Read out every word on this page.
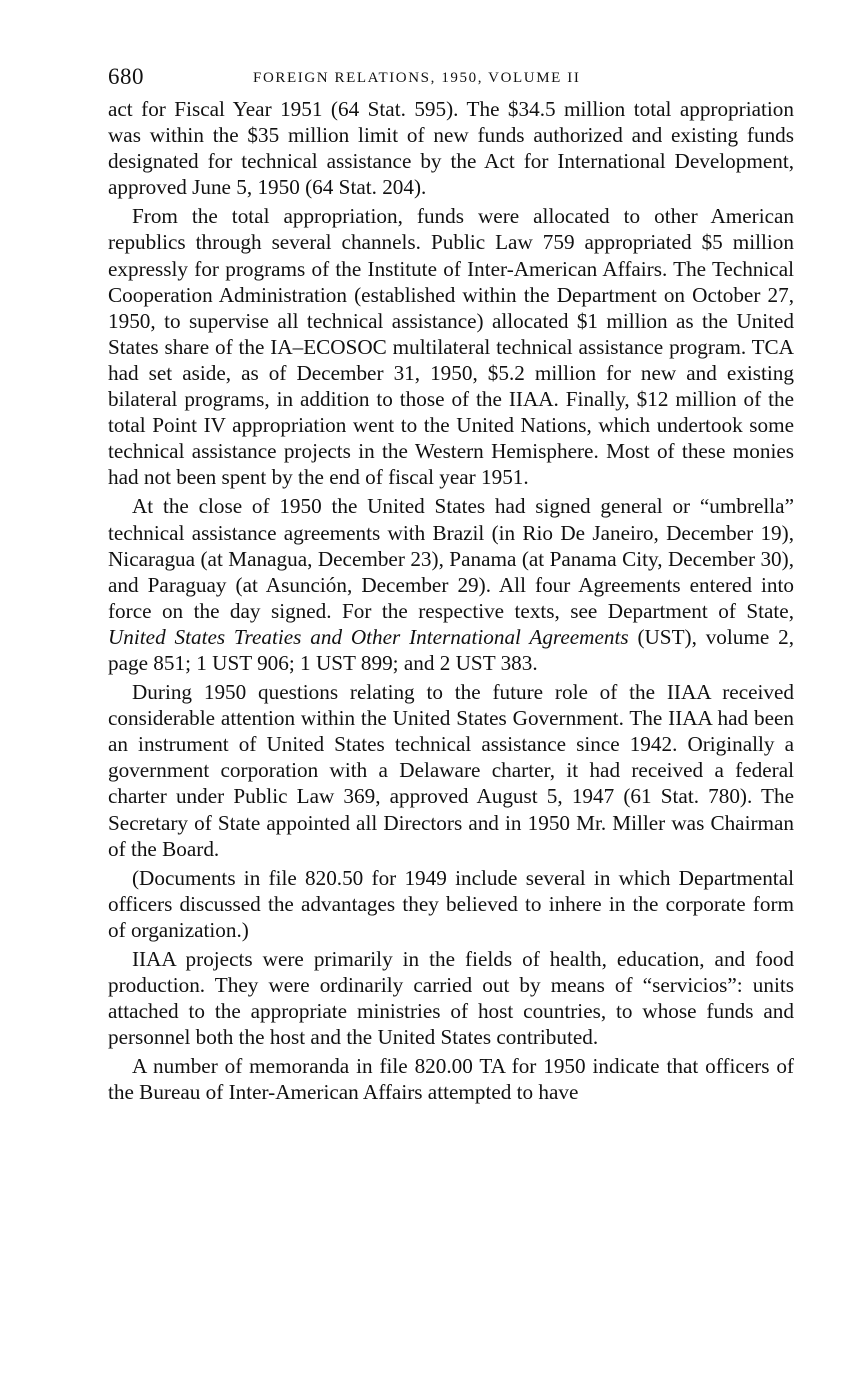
680	FOREIGN RELATIONS, 1950, VOLUME II

act for Fiscal Year 1951 (64 Stat. 595). The $34.5 million total appropriation was within the $35 million limit of new funds authorized and existing funds designated for technical assistance by the Act for International Development, approved June 5, 1950 (64 Stat. 204).

From the total appropriation, funds were allocated to other American republics through several channels. Public Law 759 appropriated $5 million expressly for programs of the Institute of Inter-American Affairs. The Technical Cooperation Administration (established within the Department on October 27, 1950, to supervise all technical assistance) allocated $1 million as the United States share of the IA–ECOSOC multilateral technical assistance program. TCA had set aside, as of December 31, 1950, $5.2 million for new and existing bilateral programs, in addition to those of the IIAA. Finally, $12 million of the total Point IV appropriation went to the United Nations, which undertook some technical assistance projects in the Western Hemisphere. Most of these monies had not been spent by the end of fiscal year 1951.

At the close of 1950 the United States had signed general or “umbrella” technical assistance agreements with Brazil (in Rio De Janeiro, December 19), Nicaragua (at Managua, December 23), Panama (at Panama City, December 30), and Paraguay (at Asunción, December 29). All four Agreements entered into force on the day signed. For the respective texts, see Department of State, United States Treaties and Other International Agreements (UST), volume 2, page 851; 1 UST 906; 1 UST 899; and 2 UST 383.

During 1950 questions relating to the future role of the IIAA received considerable attention within the United States Government. The IIAA had been an instrument of United States technical assistance since 1942. Originally a government corporation with a Delaware charter, it had received a federal charter under Public Law 369, approved August 5, 1947 (61 Stat. 780). The Secretary of State appointed all Directors and in 1950 Mr. Miller was Chairman of the Board.

(Documents in file 820.50 for 1949 include several in which Departmental officers discussed the advantages they believed to inhere in the corporate form of organization.)

IIAA projects were primarily in the fields of health, education, and food production. They were ordinarily carried out by means of “servicios”: units attached to the appropriate ministries of host countries, to whose funds and personnel both the host and the United States contributed.

A number of memoranda in file 820.00 TA for 1950 indicate that officers of the Bureau of Inter-American Affairs attempted to have
